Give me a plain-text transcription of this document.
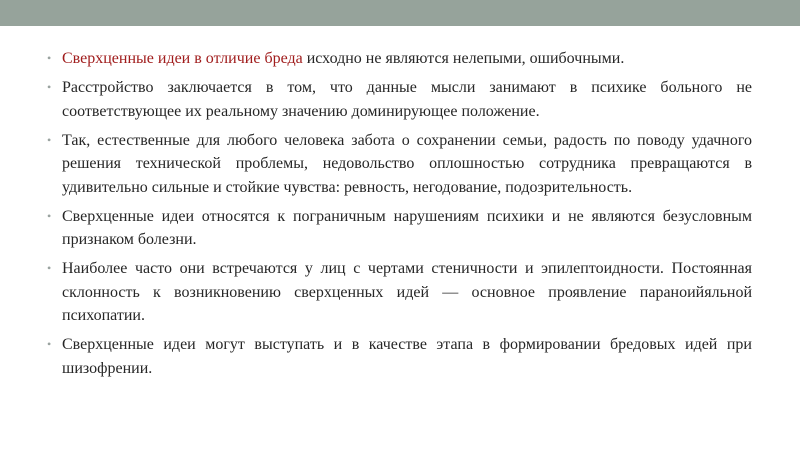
• Сверхценные идеи в отличие бреда исходно не являются нелепыми, ошибочными.
• Расстройство заключается в том, что данные мысли занимают в психике больного не соответствующее их реальному значению доминирующее положение.
• Так, естественные для любого человека забота о сохранении семьи, радость по поводу удачного решения технической проблемы, недовольство оплошностью сотрудника превращаются в удивительно сильные и стойкие чувства: ревность, негодование, подозрительность.
• Сверхценные идеи относятся к пограничным нарушениям психики и не являются безусловным признаком болезни.
• Наиболее часто они встречаются у лиц с чертами стеничности и эпилептоидности. Постоянная склонность к возникновению сверхценных идей — основное проявление параноийяльной психопатии.
• Сверхценные идеи могут выступать и в качестве этапа в формировании бредовых идей при шизофрении.
